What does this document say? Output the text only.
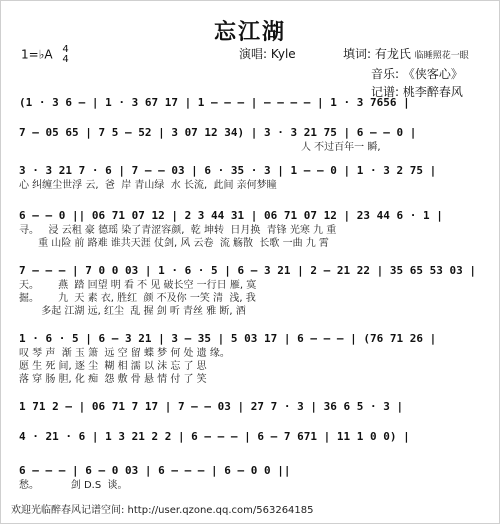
忘江湖
1=♭A 4
4	演唱: Kyle	填词: 有龙氏 临睡照花一眼
音乐: 《侠客心》
记谱: 桃李醉春风
(1 · 3 6 — | 1 · 3 67 17 | 1 — — — | — — — — | 1 · 3 7656 |
7 — 05 65 | 7 5 — 52 | 3 07 12 34) | 3 · 3 21 75 | 6 — — 0 |
人 不过百年一 瞬,
3 · 3 21 7 · 6 | 7 — — 03 | 6 · 35 · 3 | 1 — — 0 | 1 · 3 2 75 |
心 纠缠尘世浮 云,  爸  岸 青山绿  水 长流,  此间 亲何梦瞳
6 — — 0 || 06 71 07 12 | 2 3 44 31 | 06 71 07 12 | 23 44 6 · 1 |
寻。   浸 云租 豪 德瑶 染了青涩容颜,  乾 坤转  日月换  青锋 光寒 九 重
重 山险 前 路难 谁共天涯 仗剑, 风 云卷  流 觞散  长歌 一曲 九 霄
7 — — — | 7 0 0 03 | 1 · 6 · 5 | 6 — 3 21 | 2 — 21 22 | 35 65 53 03 |
天。      燕  踏 回望 明 看 不 见 破长空 一行日 雁, 寞
掘。      九  天 素 衣, 胜红  颜 不及你 一笑 清  浅, 我
多起 江湖 远, 红尘  乱 握 剑 听 青丝 雅 断, 酒
1 · 6 · 5 | 6 — 3 21 | 3 — 35 | 5 03 17 | 6 — — — | (76 71 26 |
叹 琴 声  渐 玉 箫  远 空 留 蝶 梦 何 处 遗 缘。
愿 生 死 间, 逐 尘  糊 相 濡 以 沫 忘 了 思
落 穿 肠 胆, 化 痴  怨 敷 骨 悬 情 付 了 笑
1 71 2 — | 06 71 7 17 | 7 — — 03 | 27 7 · 3 | 36 6 5 · 3 |
4 · 21 · 6 | 1 3 21 2 2 | 6 — — — | 6 — 7 671 | 11 1 0 0) |
6 — — — | 6 — 0 03 | 6 — — — | 6 — 0 0 ||
愁。          剑 D.S  谈。
欢迎光临醉春风记谱空间: http://user.qzone.qq.com/563264185
